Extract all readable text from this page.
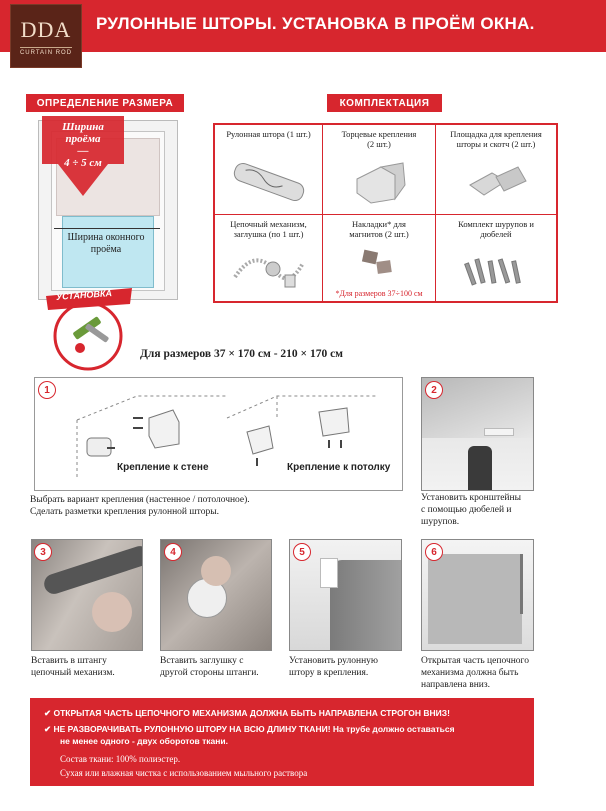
РУЛОННЫЕ ШТОРЫ. УСТАНОВКА В ПРОЁМ ОКНА.
DDA
CURTAIN ROD
ОПРЕДЕЛЕНИЕ РАЗМЕРА
Ширина
проёма
—
4 ÷ 5 см
Ширина оконного
проёма
УСТАНОВКА
КОМПЛЕКТАЦИЯ
Рулонная штора (1 шт.)	Торцевые крепления (2 шт.)
Площадка для крепления шторы и скотч (2 шт.)
Цепочный механизм, заглушка (по 1 шт.)
Накладки* для магнитов (2 шт.)
*Для размеров 37÷100 см
Комплект шурупов и дюбелей
Для размеров 37 × 170 см - 210 × 170 см
Крепление к стене	Крепление к потолку
1
Выбрать вариант крепления (настенное / потолочное).
Сделать разметки крепления рулонной шторы.
2
Установить кронштейны
с помощью дюбелей и
шурупов.
3
Вставить в штангу
цепочный механизм.
4
Вставить заглушку с
другой стороны штанги.
5
Установить рулонную
штору в крепления.
6
Открытая часть цепочного
механизма должна быть
направлена вниз.
✔ ОТКРЫТАЯ ЧАСТЬ ЦЕПОЧНОГО МЕХАНИЗМА ДОЛЖНА БЫТЬ НАПРАВЛЕНА СТРОГОН ВНИЗ!
✔ НЕ РАЗВОРАЧИВАТЬ РУЛОННУЮ ШТОРУ НА ВСЮ ДЛИНУ ТКАНИ! На трубе должно оставаться
не менее одного - двух оборотов ткани.
Состав ткани: 100% полиэстер.
Сухая или влажная чистка с использованием мыльного раствора
